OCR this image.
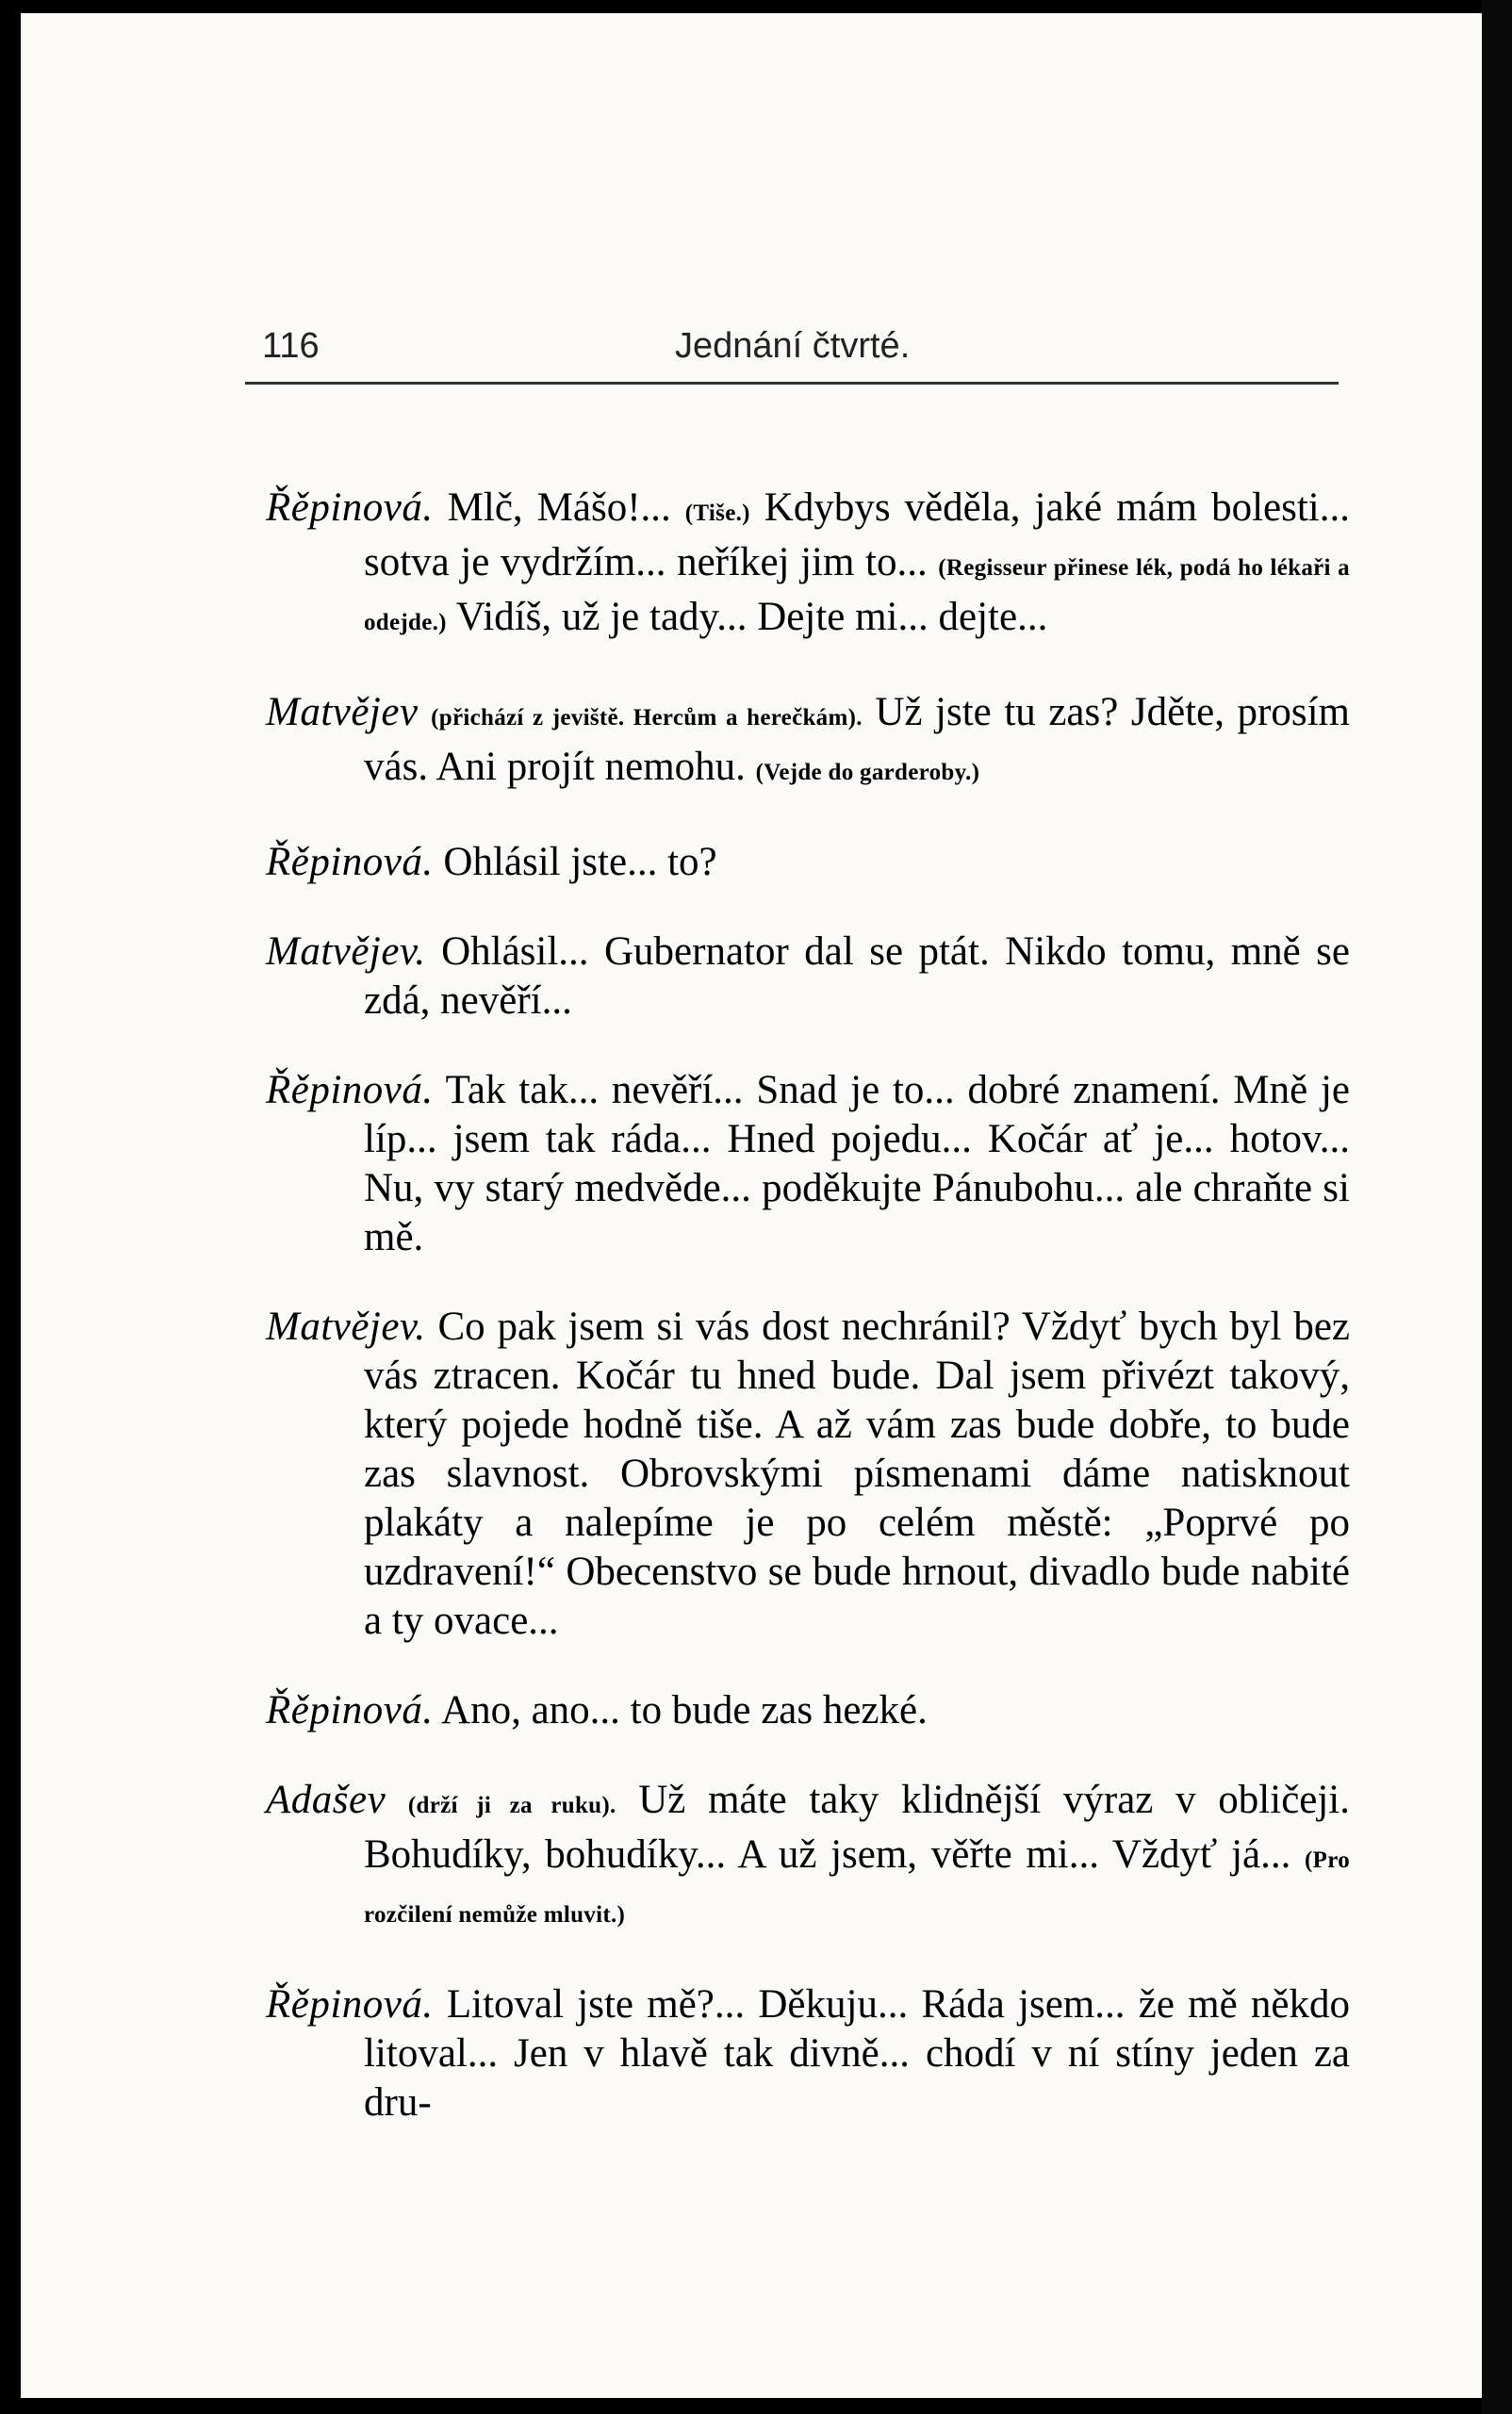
116	Jednání čtvrté.

Řěpinová. Mlč, Mášo!... (Tiše.) Kdybys věděla, jaké mám bolesti... sotva je vydržím... neříkej jim to... (Regisseur přinese lék, podá ho lékaři a odejde.) Vidíš, už je tady... Dejte mi... dejte...

Matvějev (přichází z jeviště. Hercům a herečkám). Už jste tu zas? Jděte, prosím vás. Ani projít nemohu. (Vejde do garderoby.)

Řěpinová. Ohlásil jste... to?

Matvějev. Ohlásil... Gubernator dal se ptát. Nikdo tomu, mně se zdá, nevěří...

Řěpinová. Tak tak... nevěří... Snad je to... dobré znamení. Mně je líp... jsem tak ráda... Hned pojedu... Kočár ať je... hotov... Nu, vy starý medvěde... poděkujte Pánubohu... ale chraňte si mě.

Matvějev. Co pak jsem si vás dost nechránil? Vždyť bych byl bez vás ztracen. Kočár tu hned bude. Dal jsem přivézt takový, který pojede hodně tiše. A až vám zas bude dobře, to bude zas slavnost. Obrovskými písmenami dáme natisknout plakáty a nalepíme je po celém městě: „Poprvé po uzdravení!“ Obecenstvo se bude hrnout, divadlo bude nabité a ty ovace...

Řěpinová. Ano, ano... to bude zas hezké.

Adašev (drží ji za ruku). Už máte taky klidnější výraz v obličeji. Bohudíky, bohudíky... A už jsem, věřte mi... Vždyť já... (Pro rozčilení nemůže mluvit.)

Řěpinová. Litoval jste mě?... Děkuju... Ráda jsem... že mě někdo litoval... Jen v hlavě tak divně... chodí v ní stíny jeden za dru-
